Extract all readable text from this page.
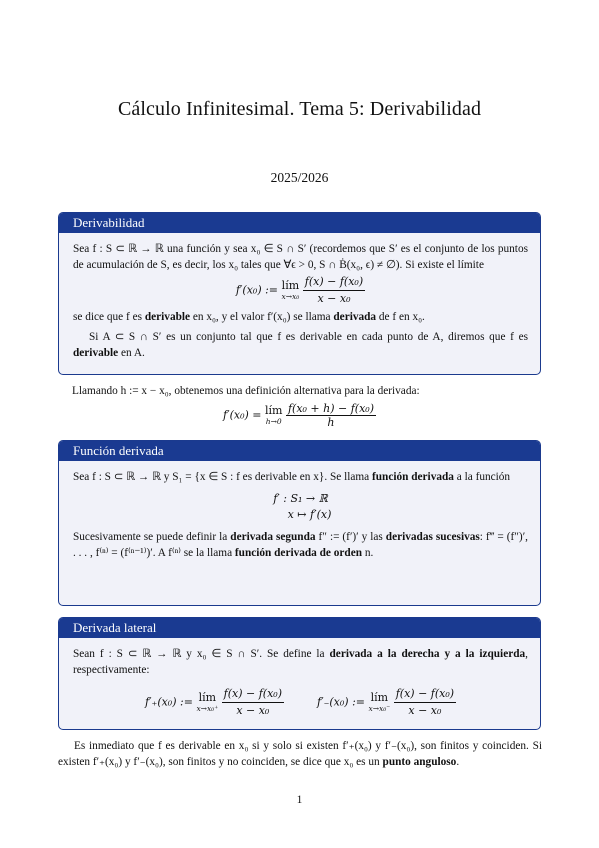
Cálculo Infinitesimal. Tema 5: Derivabilidad
2025/2026
Derivabilidad

Sea f : S ⊂ ℝ → ℝ una función y sea x₀ ∈ S ∩ S′ (recordemos que S′ es el conjunto de los puntos de acumulación de S, es decir, los x₀ tales que ∀ϵ > 0, S ∩ Ḃ(x₀, ϵ) ≠ ∅). Si existe el límite

f′(x₀) := lím
x→x₀
$\frac{\text{f(x) − f(x₀)}}{\text{x − x₀}}$

se dice que f es derivable en x₀, y el valor f′(x₀) se llama derivada de f en x₀.

Si A ⊂ S ∩ S′ es un conjunto tal que f es derivable en cada punto de A, diremos que f es derivable en A.

Llamando h := x − x₀, obtenemos una definición alternativa para la derivada:
f′(x₀) = lím
h→0
$\frac{\text{f(x₀ + h) − f(x₀)}}{h}$
Función derivada

Sea f : S ⊂ ℝ → ℝ y S₁ = {x ∈ S : f es derivable en x}. Se llama función derivada a la función

f′ : S₁ → ℝ
x ↦ f′(x)

Sucesivamente se puede definir la derivada segunda f″ := (f′)′ y las derivadas sucesivas: f‴ = (f″)′, . . . , f⁽ⁿ⁾ = (f⁽ⁿ⁻¹⁾)′. A f⁽ⁿ⁾ se la llama función derivada de orden n.

Derivada lateral

Sean f : S ⊂ ℝ → ℝ y x₀ ∈ S ∩ S′. Se define la derivada a la derecha y a la izquierda, respectivamente:

f′₊(x₀) := lím
x→x₀⁺
$\frac{\text{f(x) − f(x₀)}}{\text{x − x₀}}$	f′₋(x₀) := lím
x→x₀⁻
$\frac{\text{f(x) − f(x₀)}}{\text{x − x₀}}$
Es inmediato que f es derivable en x₀ si y solo si existen f′₊(x₀) y f′₋(x₀), son finitos y coinciden. Si existen f′₊(x₀) y f′₋(x₀), son finitos y no coinciden, se dice que x₀ es un punto anguloso.
1
